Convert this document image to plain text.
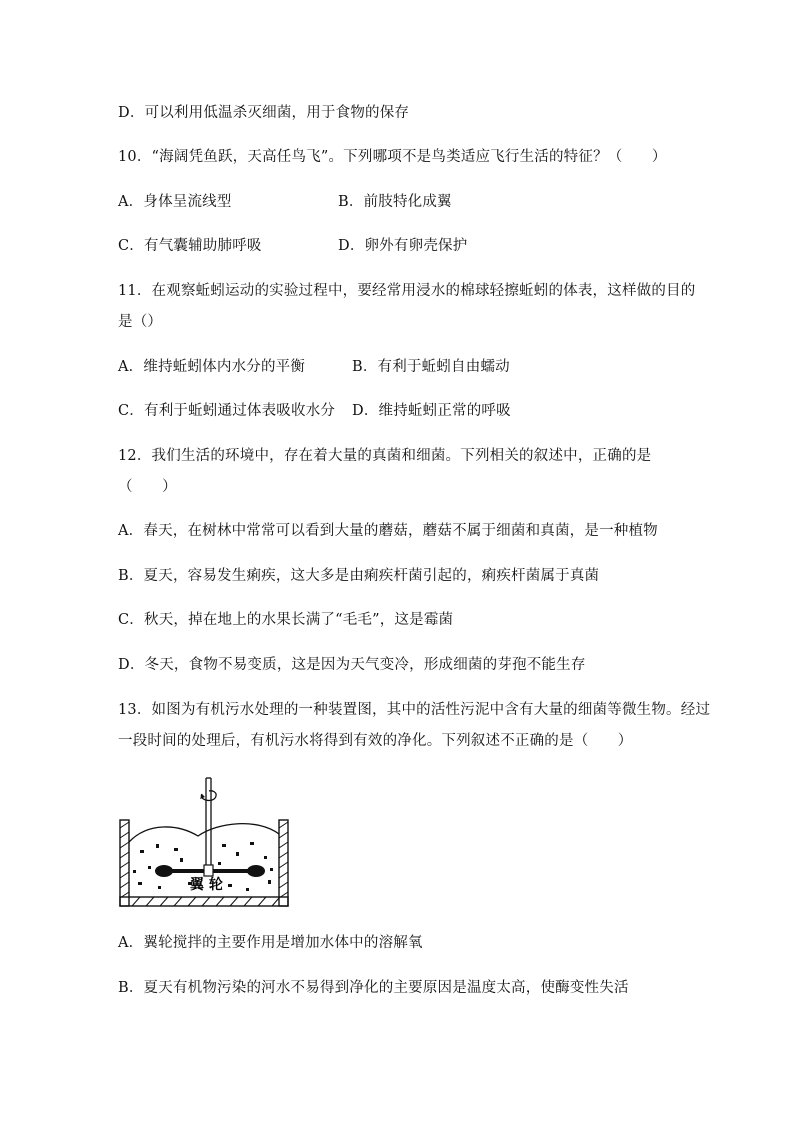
D．可以利用低温杀灭细菌，用于食物的保存
10．“海阔凭鱼跃，天高任鸟飞”。下列哪项不是鸟类适应飞行生活的特征？（　　）
A．身体呈流线型	B．前肢特化成翼
C．有气囊辅助肺呼吸	D．卵外有卵壳保护
11．在观察蚯蚓运动的实验过程中，要经常用浸水的棉球轻擦蚯蚓的体表，这样做的目的
是（）
A．维持蚯蚓体内水分的平衡	B．有利于蚯蚓自由蠕动
C．有利于蚯蚓通过体表吸收水分 D．维持蚯蚓正常的呼吸
12．我们生活的环境中，存在着大量的真菌和细菌。下列相关的叙述中，正确的是
（　　）
A．春天，在树林中常常可以看到大量的蘑菇，蘑菇不属于细菌和真菌，是一种植物
B．夏天，容易发生痢疾，这大多是由痢疾杆菌引起的，痢疾杆菌属于真菌
C．秋天，掉在地上的水果长满了“毛毛”，这是霉菌
D．冬天，食物不易变质，这是因为天气变冷，形成细菌的芽孢不能生存
13．如图为有机污水处理的一种装置图，其中的活性污泥中含有大量的细菌等微生物。经过
一段时间的处理后，有机污水将得到有效的净化。下列叙述不正确的是（　　）
翼 轮
A．翼轮搅拌的主要作用是增加水体中的溶解氧
B．夏天有机物污染的河水不易得到净化的主要原因是温度太高，使酶变性失活
